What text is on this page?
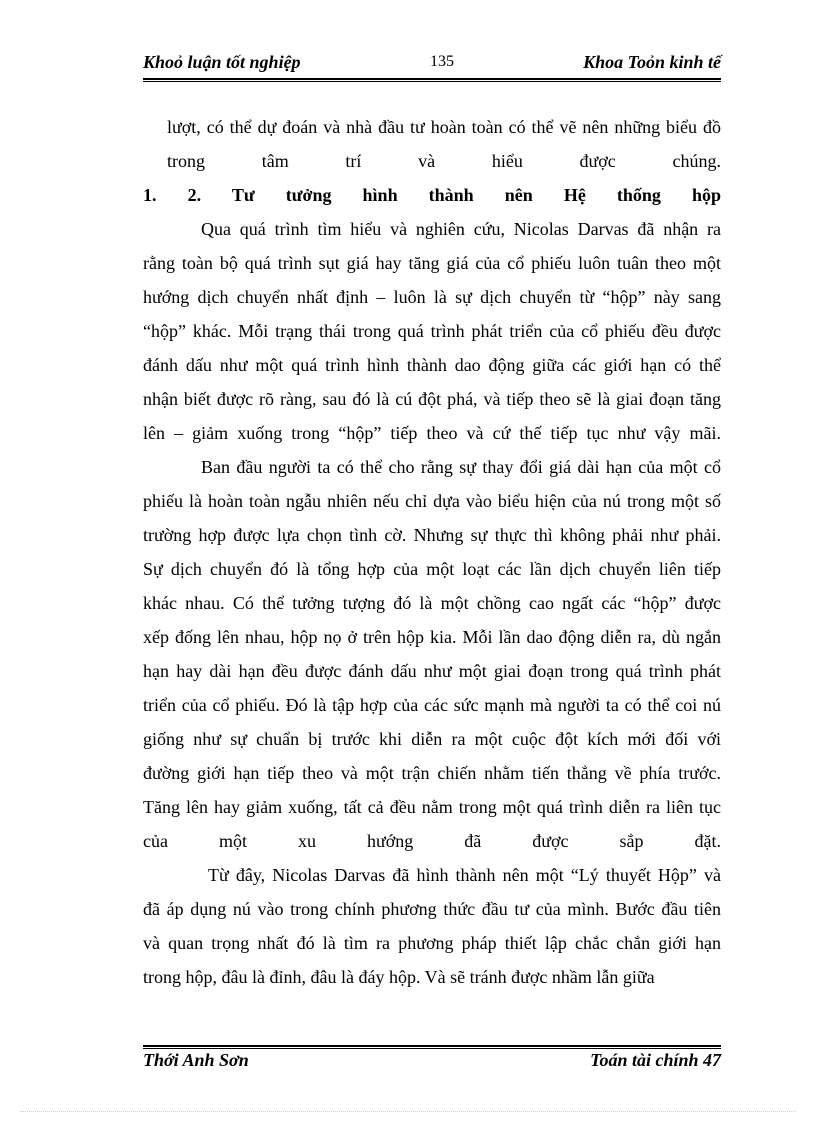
Khoỏ luận tốt nghiệp	135	Khoa Toỏn kinh tế
lượt, có thể dự đoán và nhà đầu tư hoàn toàn có thể vẽ nên những biểu đồ
trong tâm trí và hiểu được chúng.
1. 2. Tư tưởng hình thành nên Hệ thống hộp
Qua quá trình tìm hiểu và nghiên cứu, Nicolas Darvas đã nhận ra
rằng toàn bộ quá trình sụt giá hay tăng giá của cổ phiếu luôn tuân theo một
hướng dịch chuyển nhất định – luôn là sự dịch chuyển từ “hộp” này sang
“hộp” khác. Mỗi trạng thái trong quá trình phát triển của cổ phiếu đều được
đánh dấu như một quá trình hình thành dao động giữa các giới hạn có thể
nhận biết được rõ ràng, sau đó là cú đột phá, và tiếp theo sẽ là giai đoạn tăng
lên – giảm xuống trong “hộp” tiếp theo và cứ thế tiếp tục như vậy mãi.
Ban đầu người ta có thể cho rằng sự thay đổi giá dài hạn của một cổ
phiếu là hoàn toàn ngẫu nhiên nếu chỉ dựa vào biểu hiện của nú trong một số
trường hợp được lựa chọn tình cờ. Nhưng sự thực thì không phải như phải.
Sự dịch chuyển đó là tổng hợp của một loạt các lần dịch chuyển liên tiếp
khác nhau. Có thể tưởng tượng đó là một chồng cao ngất các “hộp” được
xếp đống lên nhau, hộp nọ ở trên hộp kia. Mỗi lần dao động diễn ra, dù ngắn
hạn hay dài hạn đều được đánh dấu như một giai đoạn trong quá trình phát
triển của cổ phiếu. Đó là tập hợp của các sức mạnh mà người ta có thể coi nú
giống như sự chuẩn bị trước khi diễn ra một cuộc đột kích mới đối với
đường giới hạn tiếp theo và một trận chiến nhằm tiến thẳng về phía trước.
Tăng lên hay giảm xuống, tất cả đều nằm trong một quá trình diễn ra liên tục
của một xu hướng đã được sắp đặt.
Từ đây, Nicolas Darvas đã hình thành nên một “Lý thuyết Hộp” và
đã áp dụng nú vào trong chính phương thức đầu tư của mình. Bước đầu tiên
và quan trọng nhất đó là tìm ra phương pháp thiết lập chắc chắn giới hạn
trong hộp, đâu là đỉnh, đâu là đáy hộp. Và sẽ tránh được nhầm lẫn giữa
Thới Anh Sơn	Toán tài chính 47
